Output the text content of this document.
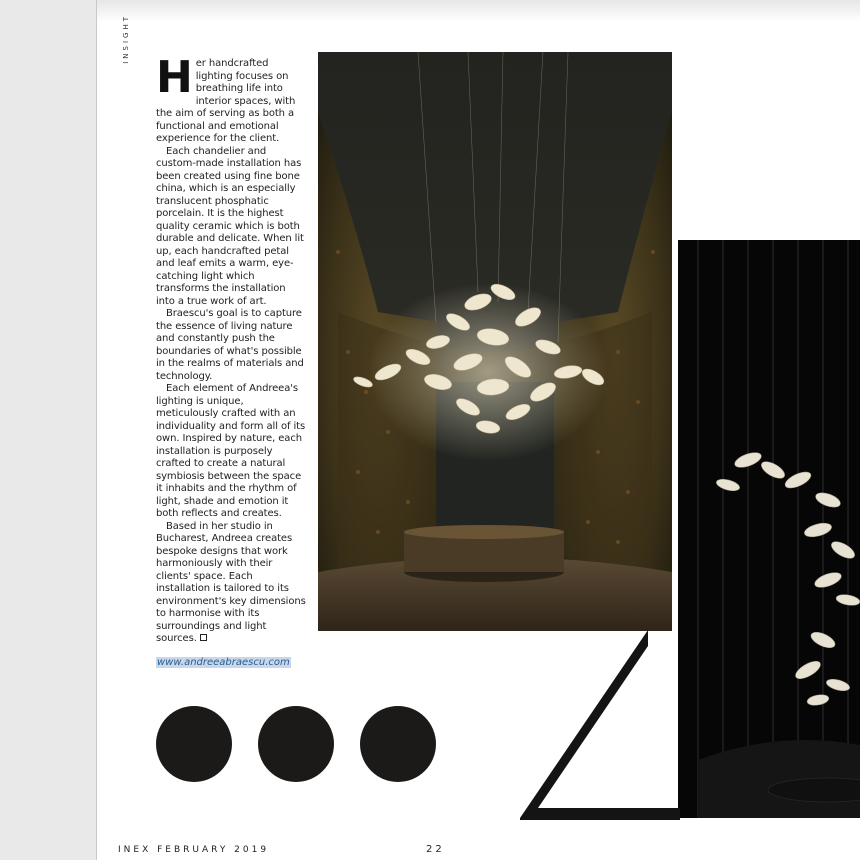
INSIGHT

Her handcrafted lighting focuses on breathing life into interior spaces, with the aim of serving as both a functional and emotional experience for the client.

Each chandelier and custom-made installation has been created using fine bone china, which is an especially translucent phosphatic porcelain. It is the highest quality ceramic which is both durable and delicate. When lit up, each handcrafted petal and leaf emits a warm, eye-catching light which transforms the installation into a true work of art.

Braescu's goal is to capture the essence of living nature and constantly push the boundaries of what's possible in the realms of materials and technology.

Each element of Andreea's lighting is unique, meticulously crafted with an individuality and form all of its own. Inspired by nature, each installation is purposely crafted to create a natural symbiosis between the space it inhabits and the rhythm of light, shade and emotion it both reflects and creates.

Based in her studio in Bucharest, Andreea creates bespoke designs that work harmoniously with their clients' space. Each installation is tailored to its environment's key dimensions to harmonise with its surroundings and light sources.

www.andreeabraescu.com
INEX FEBRUARY 2019	22
